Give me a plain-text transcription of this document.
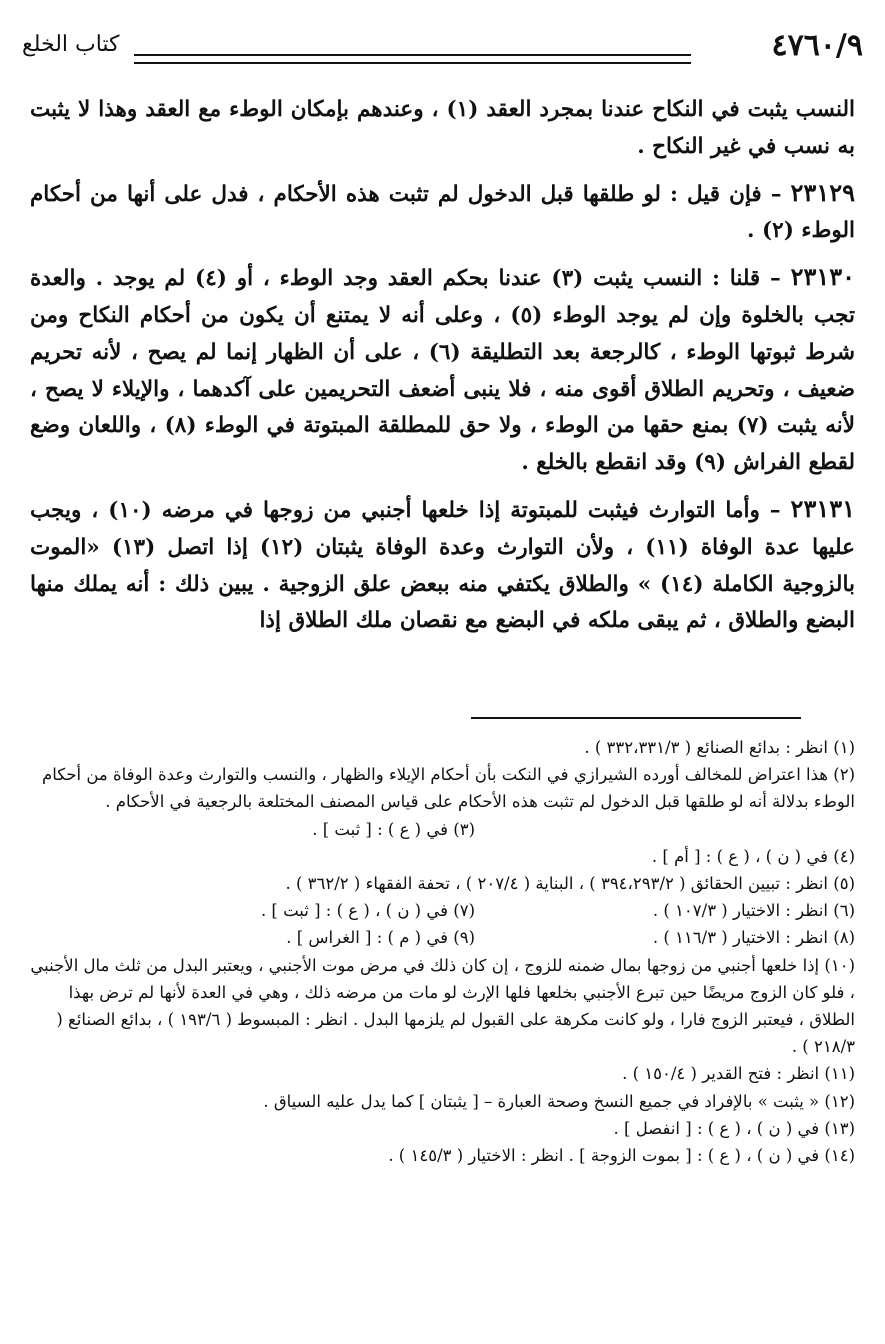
٤٧٦٠/٩
كتاب الخلع

النسب يثبت في النكاح عندنا بمجرد العقد (١) ، وعندهم بإمكان الوطء مع العقد وهذا لا يثبت به نسب في غير النكاح .

٢٣١٢٩ – فإن قيل : لو طلقها قبل الدخول لم تثبت هذه الأحكام ، فدل على أنها من أحكام الوطء (٢) .

٢٣١٣٠ – قلنا : النسب يثبت (٣) عندنا بحكم العقد وجد الوطء ، أو (٤) لم يوجد . والعدة تجب بالخلوة وإن لم يوجد الوطء (٥) ، وعلى أنه لا يمتنع أن يكون من أحكام النكاح ومن شرط ثبوتها الوطء ، كالرجعة بعد التطليقة (٦) ، على أن الظهار إنما لم يصح ، لأنه تحريم ضعيف ، وتحريم الطلاق أقوى منه ، فلا ينبى أضعف التحريمين على آكدهما ، والإيلاء لا يصح ، لأنه يثبت (٧) بمنع حقها من الوطء ، ولا حق للمطلقة المبتوتة في الوطء (٨) ، واللعان وضع لقطع الفراش (٩) وقد انقطع بالخلع .

٢٣١٣١ – وأما التوارث فيثبت للمبتوتة إذا خلعها أجنبي من زوجها في مرضه (١٠) ، ويجب عليها عدة الوفاة (١١) ، ولأن التوارث وعدة الوفاة يثبتان (١٢) إذا اتصل (١٣) «الموت بالزوجية الكاملة (١٤) » والطلاق يكتفي منه ببعض علق الزوجية . يبين ذلك : أنه يملك منها البضع والطلاق ، ثم يبقى ملكه في البضع مع نقصان ملك الطلاق إذا

(١) انظر : بدائع الصنائع ( ٣٣٢،٣٣١/٣ ) .

(٢) هذا اعتراض للمخالف أورده الشيرازي في النكت بأن أحكام الإيلاء والظهار ، والنسب والتوارث وعدة الوفاة من أحكام الوطء بدلالة أنه لو طلقها قبل الدخول لم تثبت هذه الأحكام على قياس المصنف المختلعة بالرجعية في الأحكام .

(٣) في ( ع ) : [ ثبت ] .

(٤) في ( ن ) ، ( ع ) : [ أم ] .

(٥) انظر : تبيين الحقائق ( ٣٩٤،٢٩٣/٢ ) ، البناية ( ٢٠٧/٤ ) ، تحفة الفقهاء ( ٣٦٢/٢ ) .

(٦) انظر : الاختيار ( ١٠٧/٣ ) .

(٧) في ( ن ) ، ( ع ) : [ ثبت ] .

(٨) انظر : الاختيار ( ١١٦/٣ ) .

(٩) في ( م ) : [ الغراس ] .

(١٠) إذا خلعها أجنبي من زوجها بمال ضمنه للزوج ، إن كان ذلك في مرض موت الأجنبي ، ويعتبر البدل من ثلث مال الأجنبي ، فلو كان الزوج مريضًا حين تبرع الأجنبي بخلعها فلها الإرث لو مات من مرضه ذلك ، وهي في العدة لأنها لم ترض بهذا الطلاق ، فيعتبر الزوج فارا ، ولو كانت مكرهة على القبول لم يلزمها البدل . انظر : المبسوط ( ١٩٣/٦ ) ، بدائع الصنائع ( ٢١٨/٣ ) .

(١١) انظر : فتح القدير ( ١٥٠/٤ ) .

(١٢) « يثبت » بالإفراد في جميع النسخ وصحة العبارة – [ يثبتان ] كما يدل عليه السياق .

(١٣) في ( ن ) ، ( ع ) : [ انفصل ] .

(١٤) في ( ن ) ، ( ع ) : [ بموت الزوجة ] . انظر : الاختيار ( ١٤٥/٣ ) .
